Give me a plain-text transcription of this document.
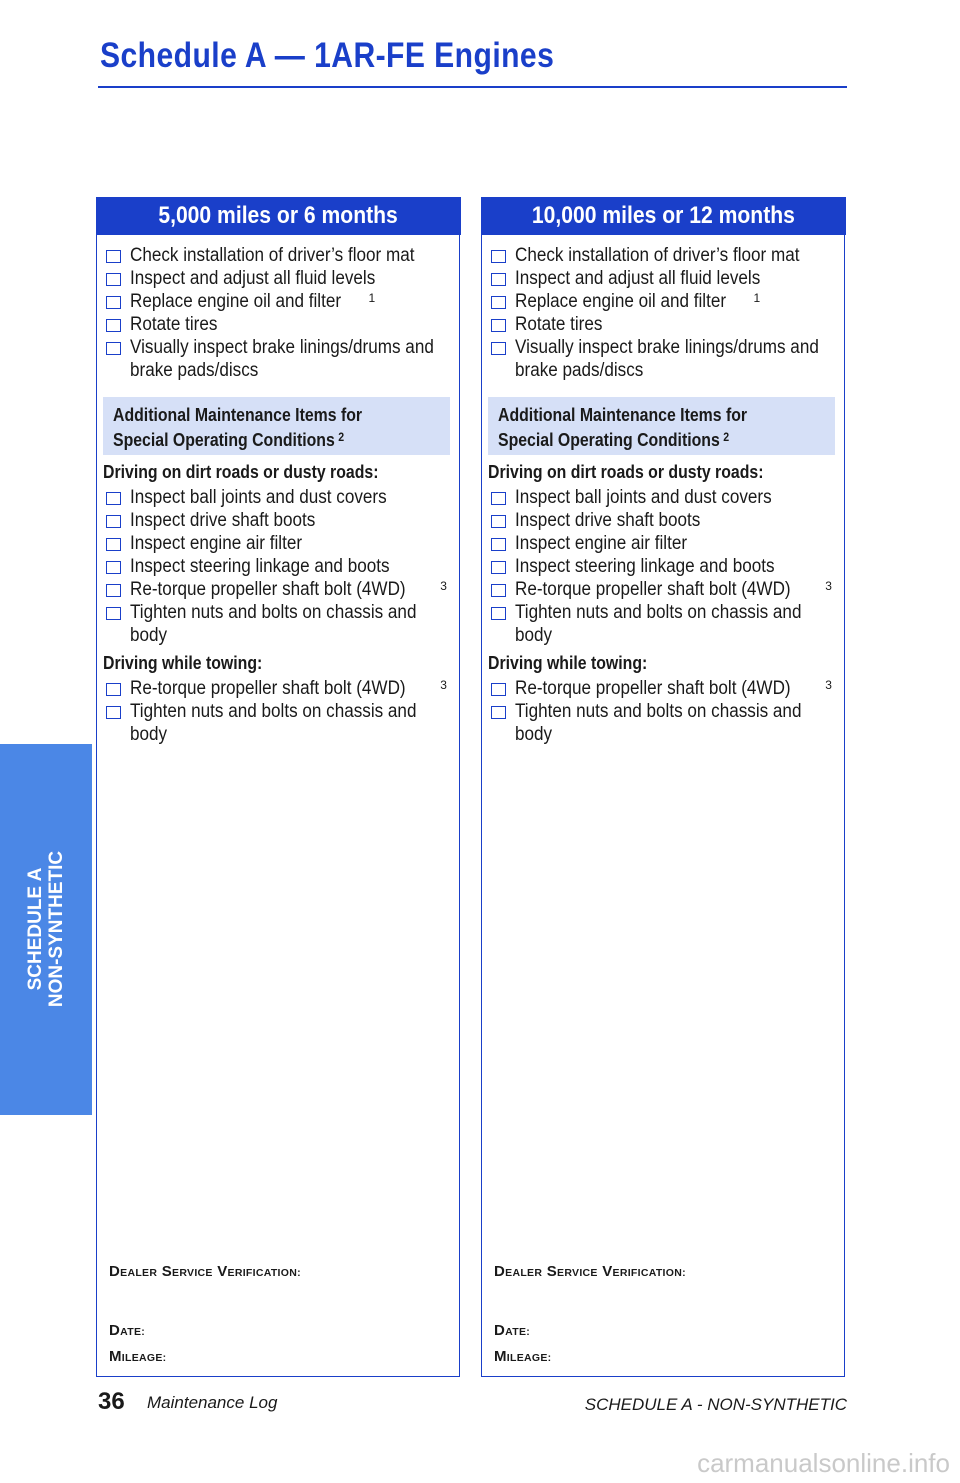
Schedule A — 1AR-FE Engines
SCHEDULE A NON-SYNTHETIC
5,000 miles or 6 months
Check installation of driver’s floor mat
Inspect and adjust all fluid levels
Replace engine oil and filter $^1$
Rotate tires
Visually inspect brake linings/drums and brake pads/discs
Additional Maintenance Items for
Special Operating Conditions $^2$
Driving on dirt roads or dusty roads:
Inspect ball joints and dust covers
Inspect drive shaft boots
Inspect engine air filter
Inspect steering linkage and boots
Re-torque propeller shaft bolt (4WD)	$^3$
Tighten nuts and bolts on chassis and body
Driving while towing:
Re-torque propeller shaft bolt (4WD)	$^3$
Tighten nuts and bolts on chassis and body
DEALER SERVICE VERIFICATION:
DATE:
MILEAGE:
10,000 miles or 12 months
Check installation of driver’s floor mat
Inspect and adjust all fluid levels
Replace engine oil and filter $^1$
Rotate tires
Visually inspect brake linings/drums and brake pads/discs
Additional Maintenance Items for
Special Operating Conditions $^2$
Driving on dirt roads or dusty roads:
Inspect ball joints and dust covers
Inspect drive shaft boots
Inspect engine air filter
Inspect steering linkage and boots
Re-torque propeller shaft bolt (4WD)	$^3$
Tighten nuts and bolts on chassis and body
Driving while towing:
Re-torque propeller shaft bolt (4WD)	$^3$
Tighten nuts and bolts on chassis and body
DEALER SERVICE VERIFICATION:
DATE:
MILEAGE:
36 Maintenance Log	SCHEDULE A - NON-SYNTHETIC
carmanualsonline.info
